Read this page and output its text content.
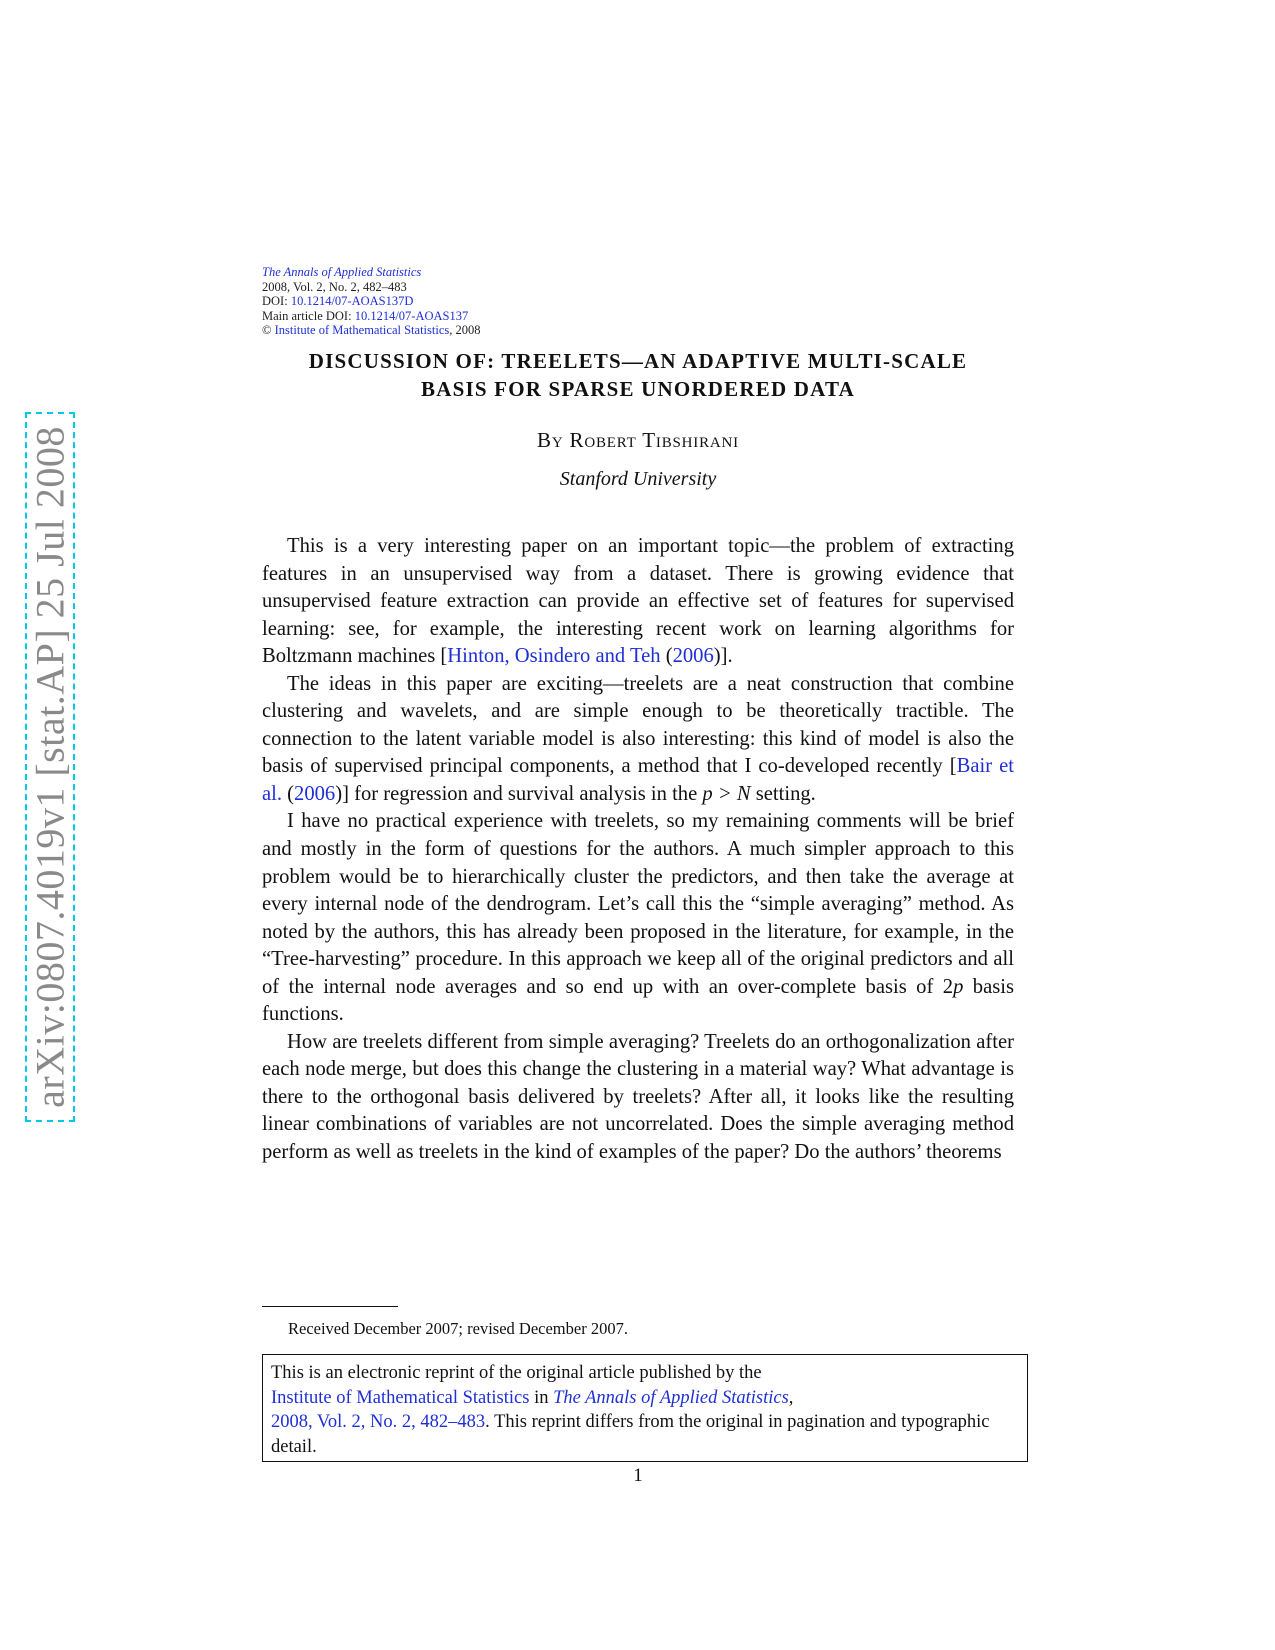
arXiv:0807.4019v1 [stat.AP] 25 Jul 2008
The Annals of Applied Statistics
2008, Vol. 2, No. 2, 482–483
DOI: 10.1214/07-AOAS137D
Main article DOI: 10.1214/07-AOAS137
© Institute of Mathematical Statistics, 2008
DISCUSSION OF: TREELETS—AN ADAPTIVE MULTI-SCALE
BASIS FOR SPARSE UNORDERED DATA
By Robert Tibshirani
Stanford University

This is a very interesting paper on an important topic—the problem of extracting features in an unsupervised way from a dataset. There is growing evidence that unsupervised feature extraction can provide an effective set of features for supervised learning: see, for example, the interesting recent work on learning algorithms for Boltzmann machines [Hinton, Osindero and Teh (2006)].

The ideas in this paper are exciting—treelets are a neat construction that combine clustering and wavelets, and are simple enough to be theoretically tractible. The connection to the latent variable model is also interesting: this kind of model is also the basis of supervised principal components, a method that I co-developed recently [Bair et al. (2006)] for regression and survival analysis in the p > N setting.

I have no practical experience with treelets, so my remaining comments will be brief and mostly in the form of questions for the authors. A much simpler approach to this problem would be to hierarchically cluster the predictors, and then take the average at every internal node of the dendrogram. Let’s call this the “simple averaging” method. As noted by the authors, this has already been proposed in the literature, for example, in the “Tree-harvesting” procedure. In this approach we keep all of the original predictors and all of the internal node averages and so end up with an over-complete basis of 2p basis functions.

How are treelets different from simple averaging? Treelets do an orthogonalization after each node merge, but does this change the clustering in a material way? What advantage is there to the orthogonal basis delivered by treelets? After all, it looks like the resulting linear combinations of variables are not uncorrelated. Does the simple averaging method perform as well as treelets in the kind of examples of the paper? Do the authors’ theorems

Received December 2007; revised December 2007.
This is an electronic reprint of the original article published by the
Institute of Mathematical Statistics in The Annals of Applied Statistics,
2008, Vol. 2, No. 2, 482–483. This reprint differs from the original in pagination and typographic detail.
1
